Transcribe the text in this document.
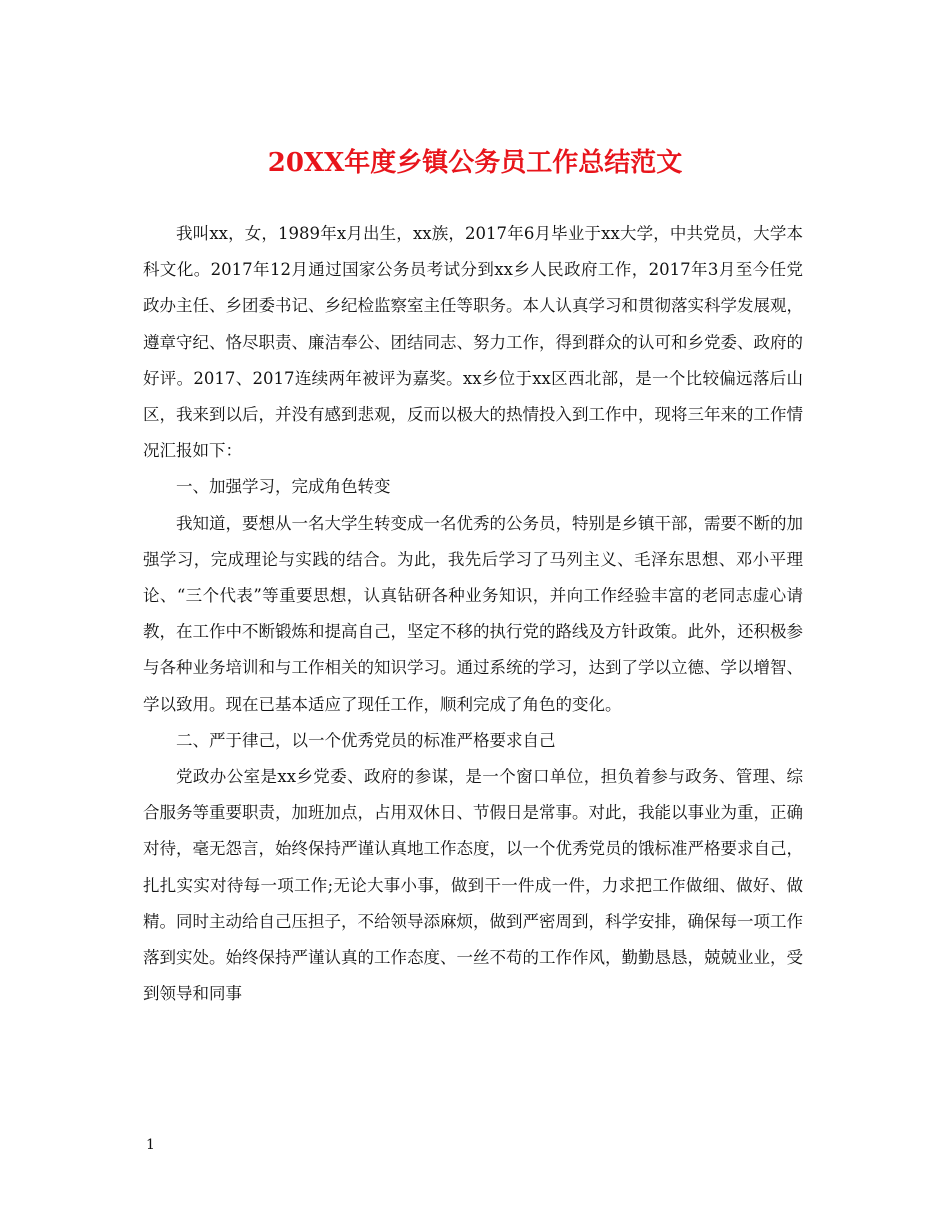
20XX年度乡镇公务员工作总结范文

我叫xx，女，1989年x月出生，xx族，2017年6月毕业于xx大学，中共党员，大学本科文化。2017年12月通过国家公务员考试分到xx乡人民政府工作，2017年3月至今任党政办主任、乡团委书记、乡纪检监察室主任等职务。本人认真学习和贯彻落实科学发展观，遵章守纪、恪尽职责、廉洁奉公、团结同志、努力工作，得到群众的认可和乡党委、政府的好评。2017、2017连续两年被评为嘉奖。xx乡位于xx区西北部，是一个比较偏远落后山区，我来到以后，并没有感到悲观，反而以极大的热情投入到工作中，现将三年来的工作情况汇报如下：

一、加强学习，完成角色转变

我知道，要想从一名大学生转变成一名优秀的公务员，特别是乡镇干部，需要不断的加强学习，完成理论与实践的结合。为此，我先后学习了马列主义、毛泽东思想、邓小平理论、“三个代表”等重要思想，认真钻研各种业务知识，并向工作经验丰富的老同志虚心请教，在工作中不断锻炼和提高自己，坚定不移的执行党的路线及方针政策。此外，还积极参与各种业务培训和与工作相关的知识学习。通过系统的学习，达到了学以立德、学以增智、学以致用。现在已基本适应了现任工作，顺利完成了角色的变化。

二、严于律己，以一个优秀党员的标准严格要求自己

党政办公室是xx乡党委、政府的参谋，是一个窗口单位，担负着参与政务、管理、综合服务等重要职责，加班加点，占用双休日、节假日是常事。对此，我能以事业为重，正确对待，毫无怨言，始终保持严谨认真地工作态度，以一个优秀党员的饿标准严格要求自己，扎扎实实对待每一项工作;无论大事小事，做到干一件成一件，力求把工作做细、做好、做精。同时主动给自己压担子，不给领导添麻烦，做到严密周到，科学安排，确保每一项工作落到实处。始终保持严谨认真的工作态度、一丝不苟的工作作风，勤勤恳恳，兢兢业业，受到领导和同事

1
